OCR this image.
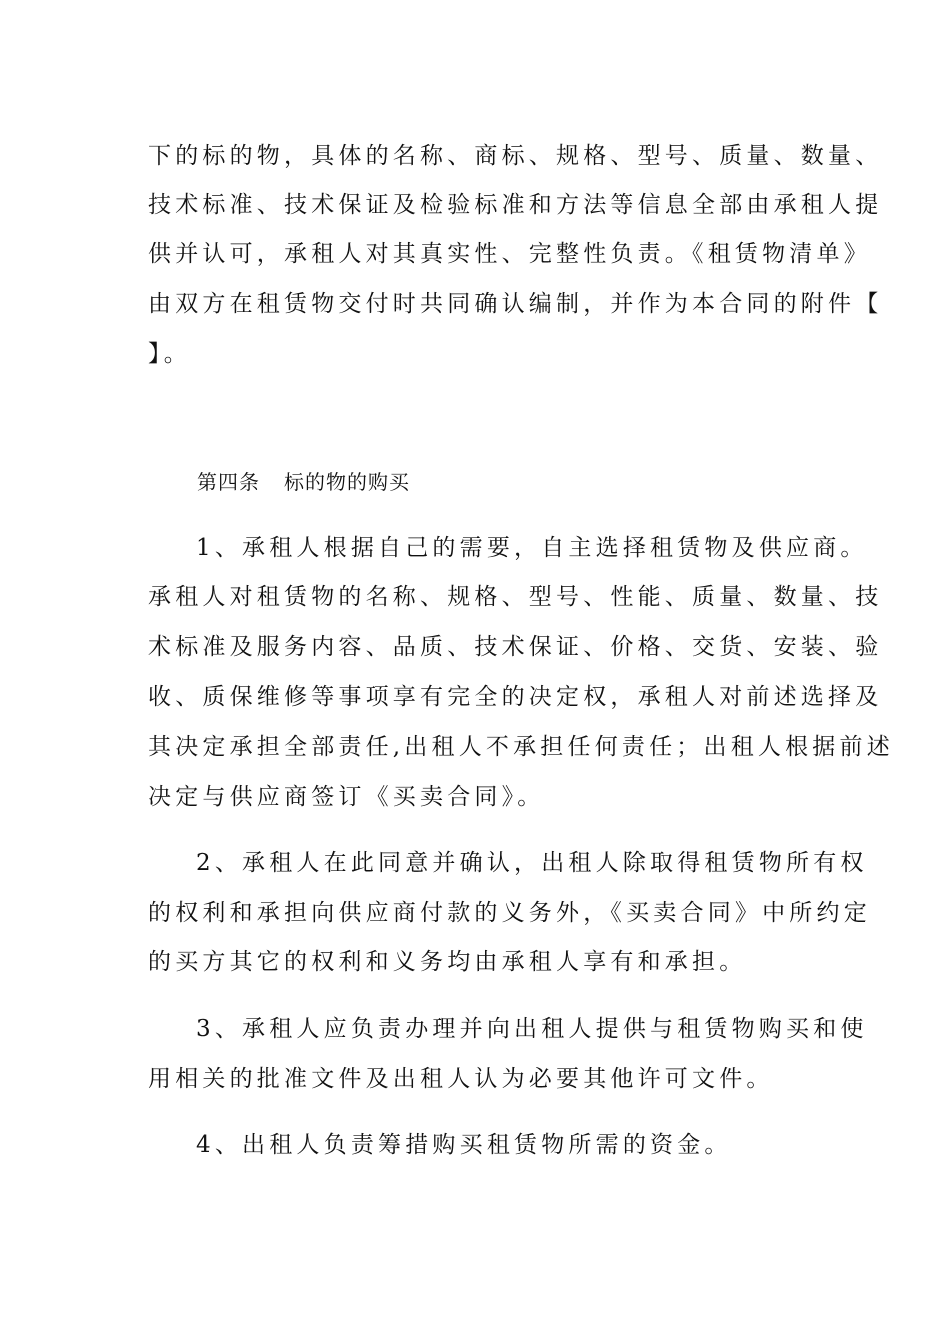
下的标的物，具体的名称、商标、规格、型号、质量、数量、
技术标准、技术保证及检验标准和方法等信息全部由承租人提
供并认可，承租人对其真实性、完整性负责。《租赁物清单》
由双方在租赁物交付时共同确认编制，并作为本合同的附件【
】。
第四条 标的物的购买
1、承租人根据自己的需要，自主选择租赁物及供应商。
承租人对租赁物的名称、规格、型号、性能、质量、数量、技
术标准及服务内容、品质、技术保证、价格、交货、安装、验
收、质保维修等事项享有完全的决定权，承租人对前述选择及
其决定承担全部责任,出租人不承担任何责任；出租人根据前述
决定与供应商签订《买卖合同》。
2、承租人在此同意并确认，出租人除取得租赁物所有权
的权利和承担向供应商付款的义务外，《买卖合同》中所约定
的买方其它的权利和义务均由承租人享有和承担。
3、承租人应负责办理并向出租人提供与租赁物购买和使
用相关的批准文件及出租人认为必要其他许可文件。
4、出租人负责筹措购买租赁物所需的资金。
